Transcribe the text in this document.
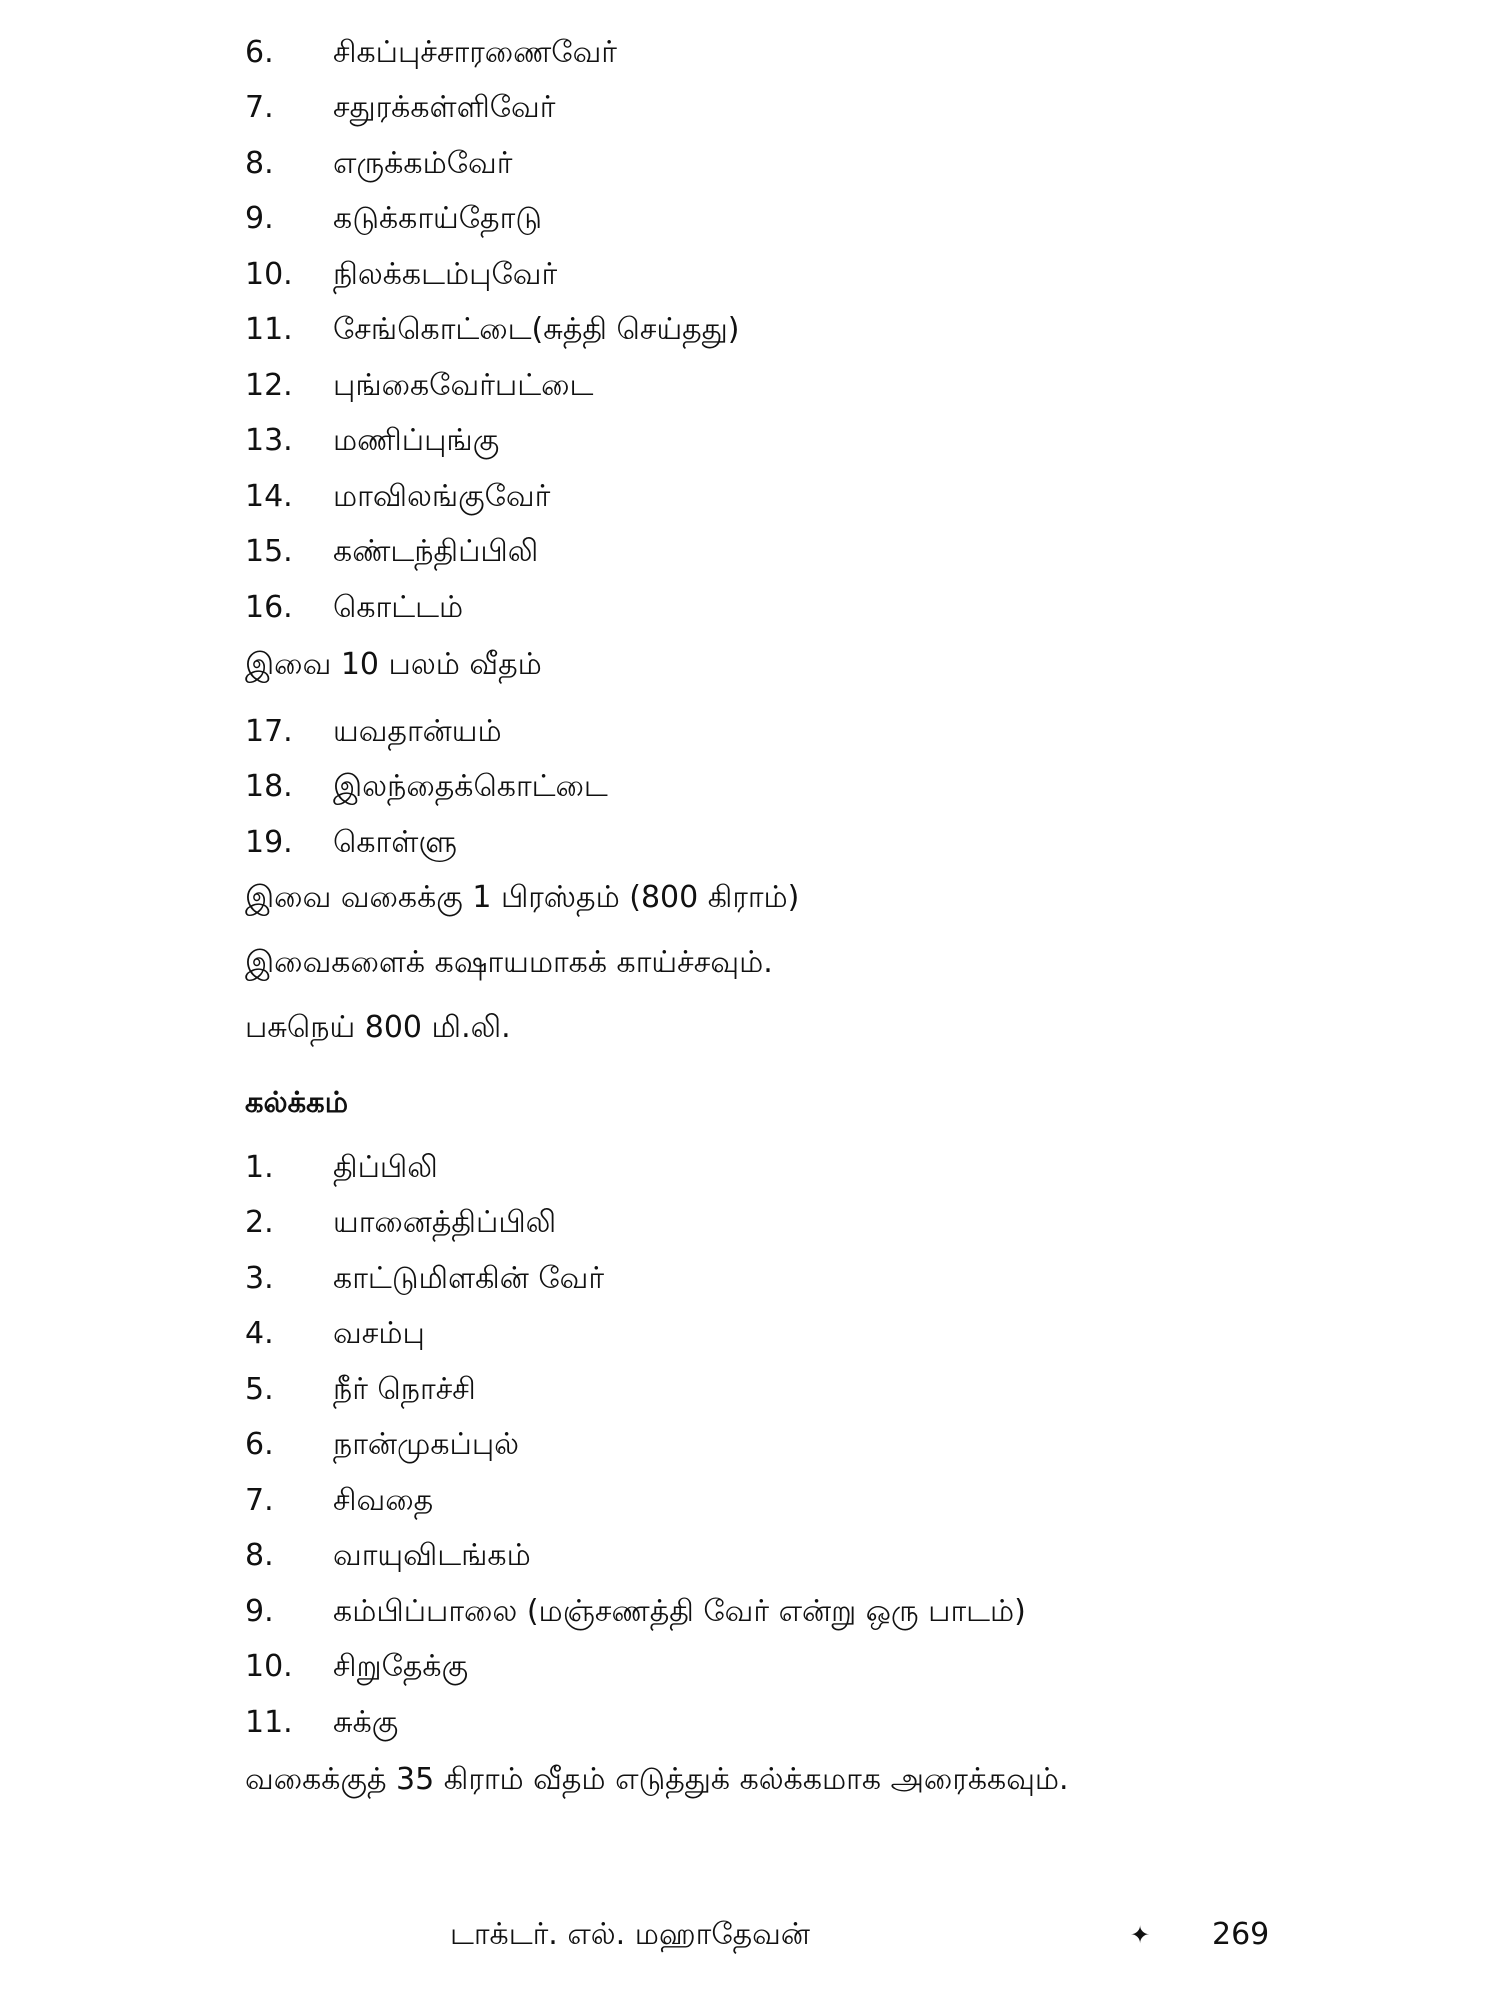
6. சிகப்புச்சாரணைவேர்
7. சதுரக்கள்ளிவேர்
8. எருக்கம்வேர்
9. கடுக்காய்தோடு
10. நிலக்கடம்புவேர்
11. சேங்கொட்டை(சுத்தி செய்தது)
12. புங்கைவேர்பட்டை
13. மணிப்புங்கு
14. மாவிலங்குவேர்
15. கண்டந்திப்பிலி
16. கொட்டம்
இவை 10 பலம் வீதம்
17. யவதான்யம்
18. இலந்தைக்கொட்டை
19. கொள்ளு
இவை வகைக்கு 1 பிரஸ்தம் (800 கிராம்)
இவைகளைக் கஷாயமாகக் காய்ச்சவும்.
பசுநெய் 800 மி.லி.
கல்க்கம்
1. திப்பிலி
2. யானைத்திப்பிலி
3. காட்டுமிளகின் வேர்
4. வசம்பு
5. நீர் நொச்சி
6. நான்முகப்புல்
7. சிவதை
8. வாயுவிடங்கம்
9. கம்பிப்பாலை (மஞ்சணத்தி வேர் என்று ஒரு பாடம்)
10. சிறுதேக்கு
11. சுக்கு
வகைக்குத் 35 கிராம் வீதம் எடுத்துக் கல்க்கமாக அரைக்கவும்.
டாக்டர். எல். மஹாதேவன்	✦ 269
